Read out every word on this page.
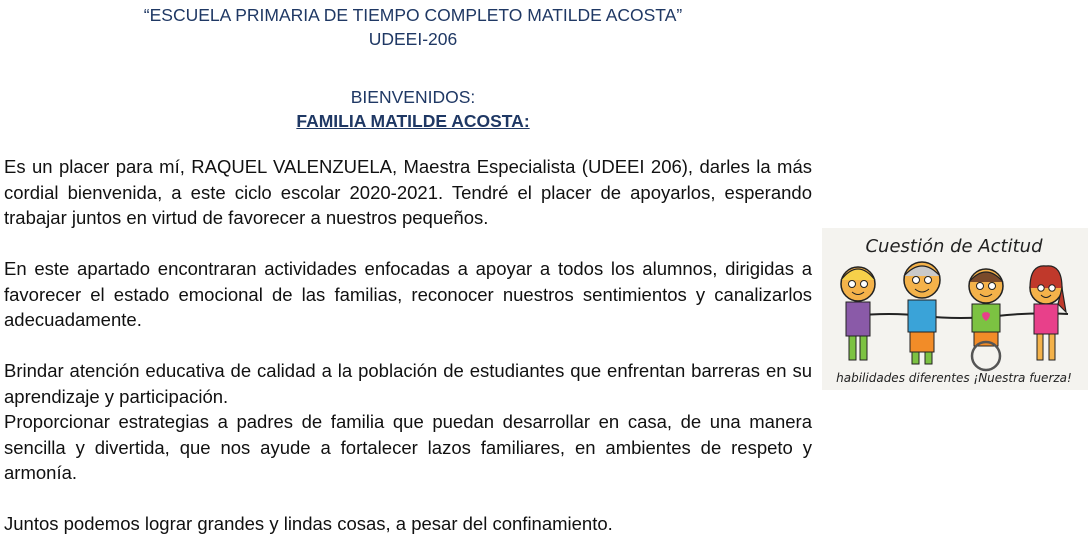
“ESCUELA PRIMARIA DE TIEMPO COMPLETO MATILDE ACOSTA”
UDEEI-206
BIENVENIDOS:
FAMILIA MATILDE ACOSTA:

Es un placer para mí, RAQUEL VALENZUELA, Maestra Especialista (UDEEI 206), darles la más cordial bienvenida, a este ciclo escolar 2020-2021. Tendré el placer de apoyarlos, esperando trabajar juntos en virtud de favorecer a nuestros pequeños.

En este apartado encontraran actividades enfocadas a apoyar a todos los alumnos, dirigidas a favorecer el estado emocional de las familias, reconocer nuestros sentimientos y canalizarlos adecuadamente.

Brindar atención educativa de calidad a la población de estudiantes que enfrentan barreras en su aprendizaje y participación.

Proporcionar estrategias a padres de familia que puedan desarrollar en casa, de una manera sencilla y divertida, que nos ayude a fortalecer lazos familiares, en ambientes de respeto y armonía.

Juntos podemos lograr grandes y lindas cosas, a pesar del confinamiento.

Cuestión de Actitud
habilidades diferentes ¡Nuestra fuerza!
